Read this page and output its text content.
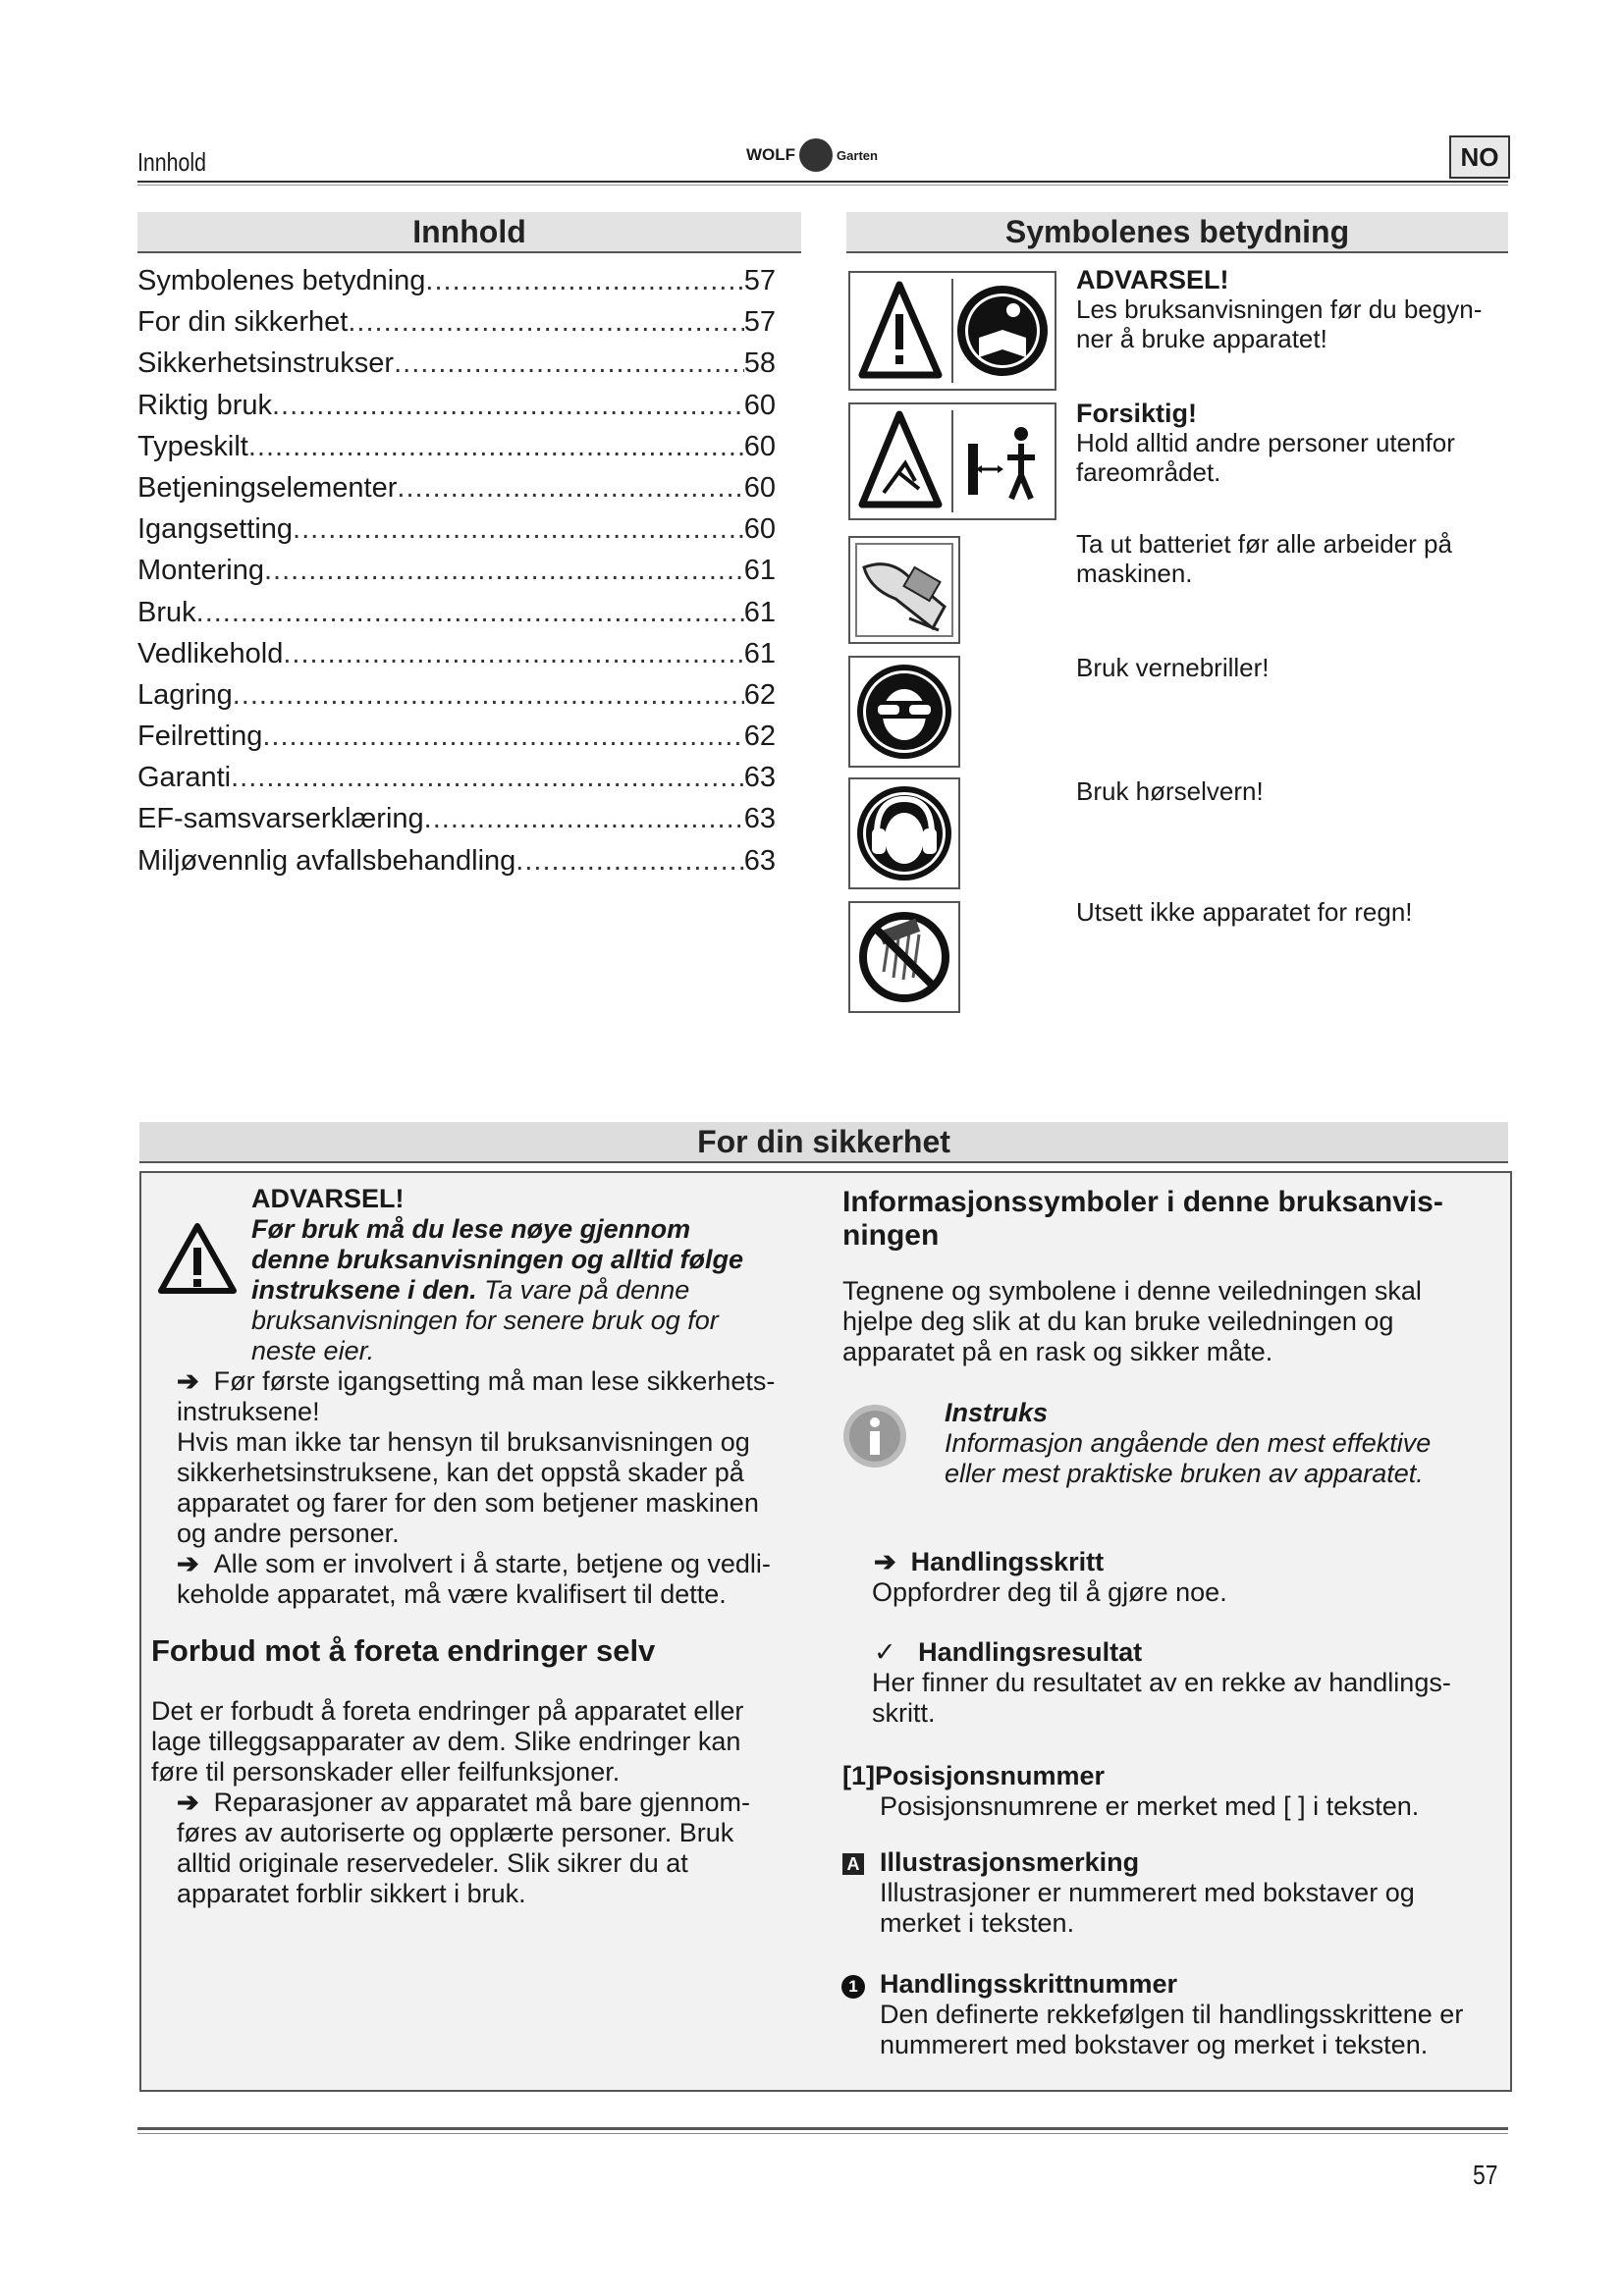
Innhold	WOLF	Garten	NO
Innhold
Symbolenes betydning .....	57
For din sikkerhet .....	57
Sikkerhetsinstrukser .....	58
Riktig bruk .....	60
Typeskilt .....	60
Betjeningselementer .....	60
Igangsetting .....	60
Montering .....	61
Bruk .....	61
Vedlikehold .....	61
Lagring .....	62
Feilretting .....	62
Garanti .....	63
EF-samsvarserklæring .....	63
Miljøvennlig avfallsbehandling .....	63
Symbolenes betydning
ADVARSEL!
Les bruksanvisningen før du begyn-
ner å bruke apparatet!
Forsiktig!
Hold alltid andre personer utenfor
fareområdet.
Ta ut batteriet før alle arbeider på
maskinen.
Bruk vernebriller!
Bruk hørselvern!
Utsett ikke apparatet for regn!
For din sikkerhet
ADVARSEL!
Før bruk må du lese nøye gjennom
denne bruksanvisningen og alltid følge
instruksene i den. Ta vare på denne
bruksanvisningen for senere bruk og for
neste eier.
➔  Før første igangsetting må man lese sikkerhets-
instruksene!
Hvis man ikke tar hensyn til bruksanvisningen og
sikkerhetsinstruksene, kan det oppstå skader på
apparatet og farer for den som betjener maskinen
og andre personer.
➔  Alle som er involvert i å starte, betjene og vedli-
keholde apparatet, må være kvalifisert til dette.
Forbud mot å foreta endringer selv
Det er forbudt å foreta endringer på apparatet eller
lage tilleggsapparater av dem. Slike endringer kan
føre til personskader eller feilfunksjoner.
➔  Reparasjoner av apparatet må bare gjennom-
føres av autoriserte og opplærte personer. Bruk
alltid originale reservedeler. Slik sikrer du at
apparatet forblir sikkert i bruk.
Informasjonssymboler i denne bruksanvis-
ningen
Tegnene og symbolene i denne veiledningen skal
hjelpe deg slik at du kan bruke veiledningen og
apparatet på en rask og sikker måte.
Instruks
Informasjon angående den mest effektive
eller mest praktiske bruken av apparatet.
➔  Handlingsskritt
Oppfordrer deg til å gjøre noe.
✓   Handlingsresultat
Her finner du resultatet av en rekke av handlings-
skritt.
[1]Posisjonsnummer
Posisjonsnumrene er merket med [ ] i teksten.
A Illustrasjonsmerking
Illustrasjoner er nummerert med bokstaver og
merket i teksten.
1 Handlingsskrittnummer
Den definerte rekkefølgen til handlingsskrittene er
nummerert med bokstaver og merket i teksten.
57
